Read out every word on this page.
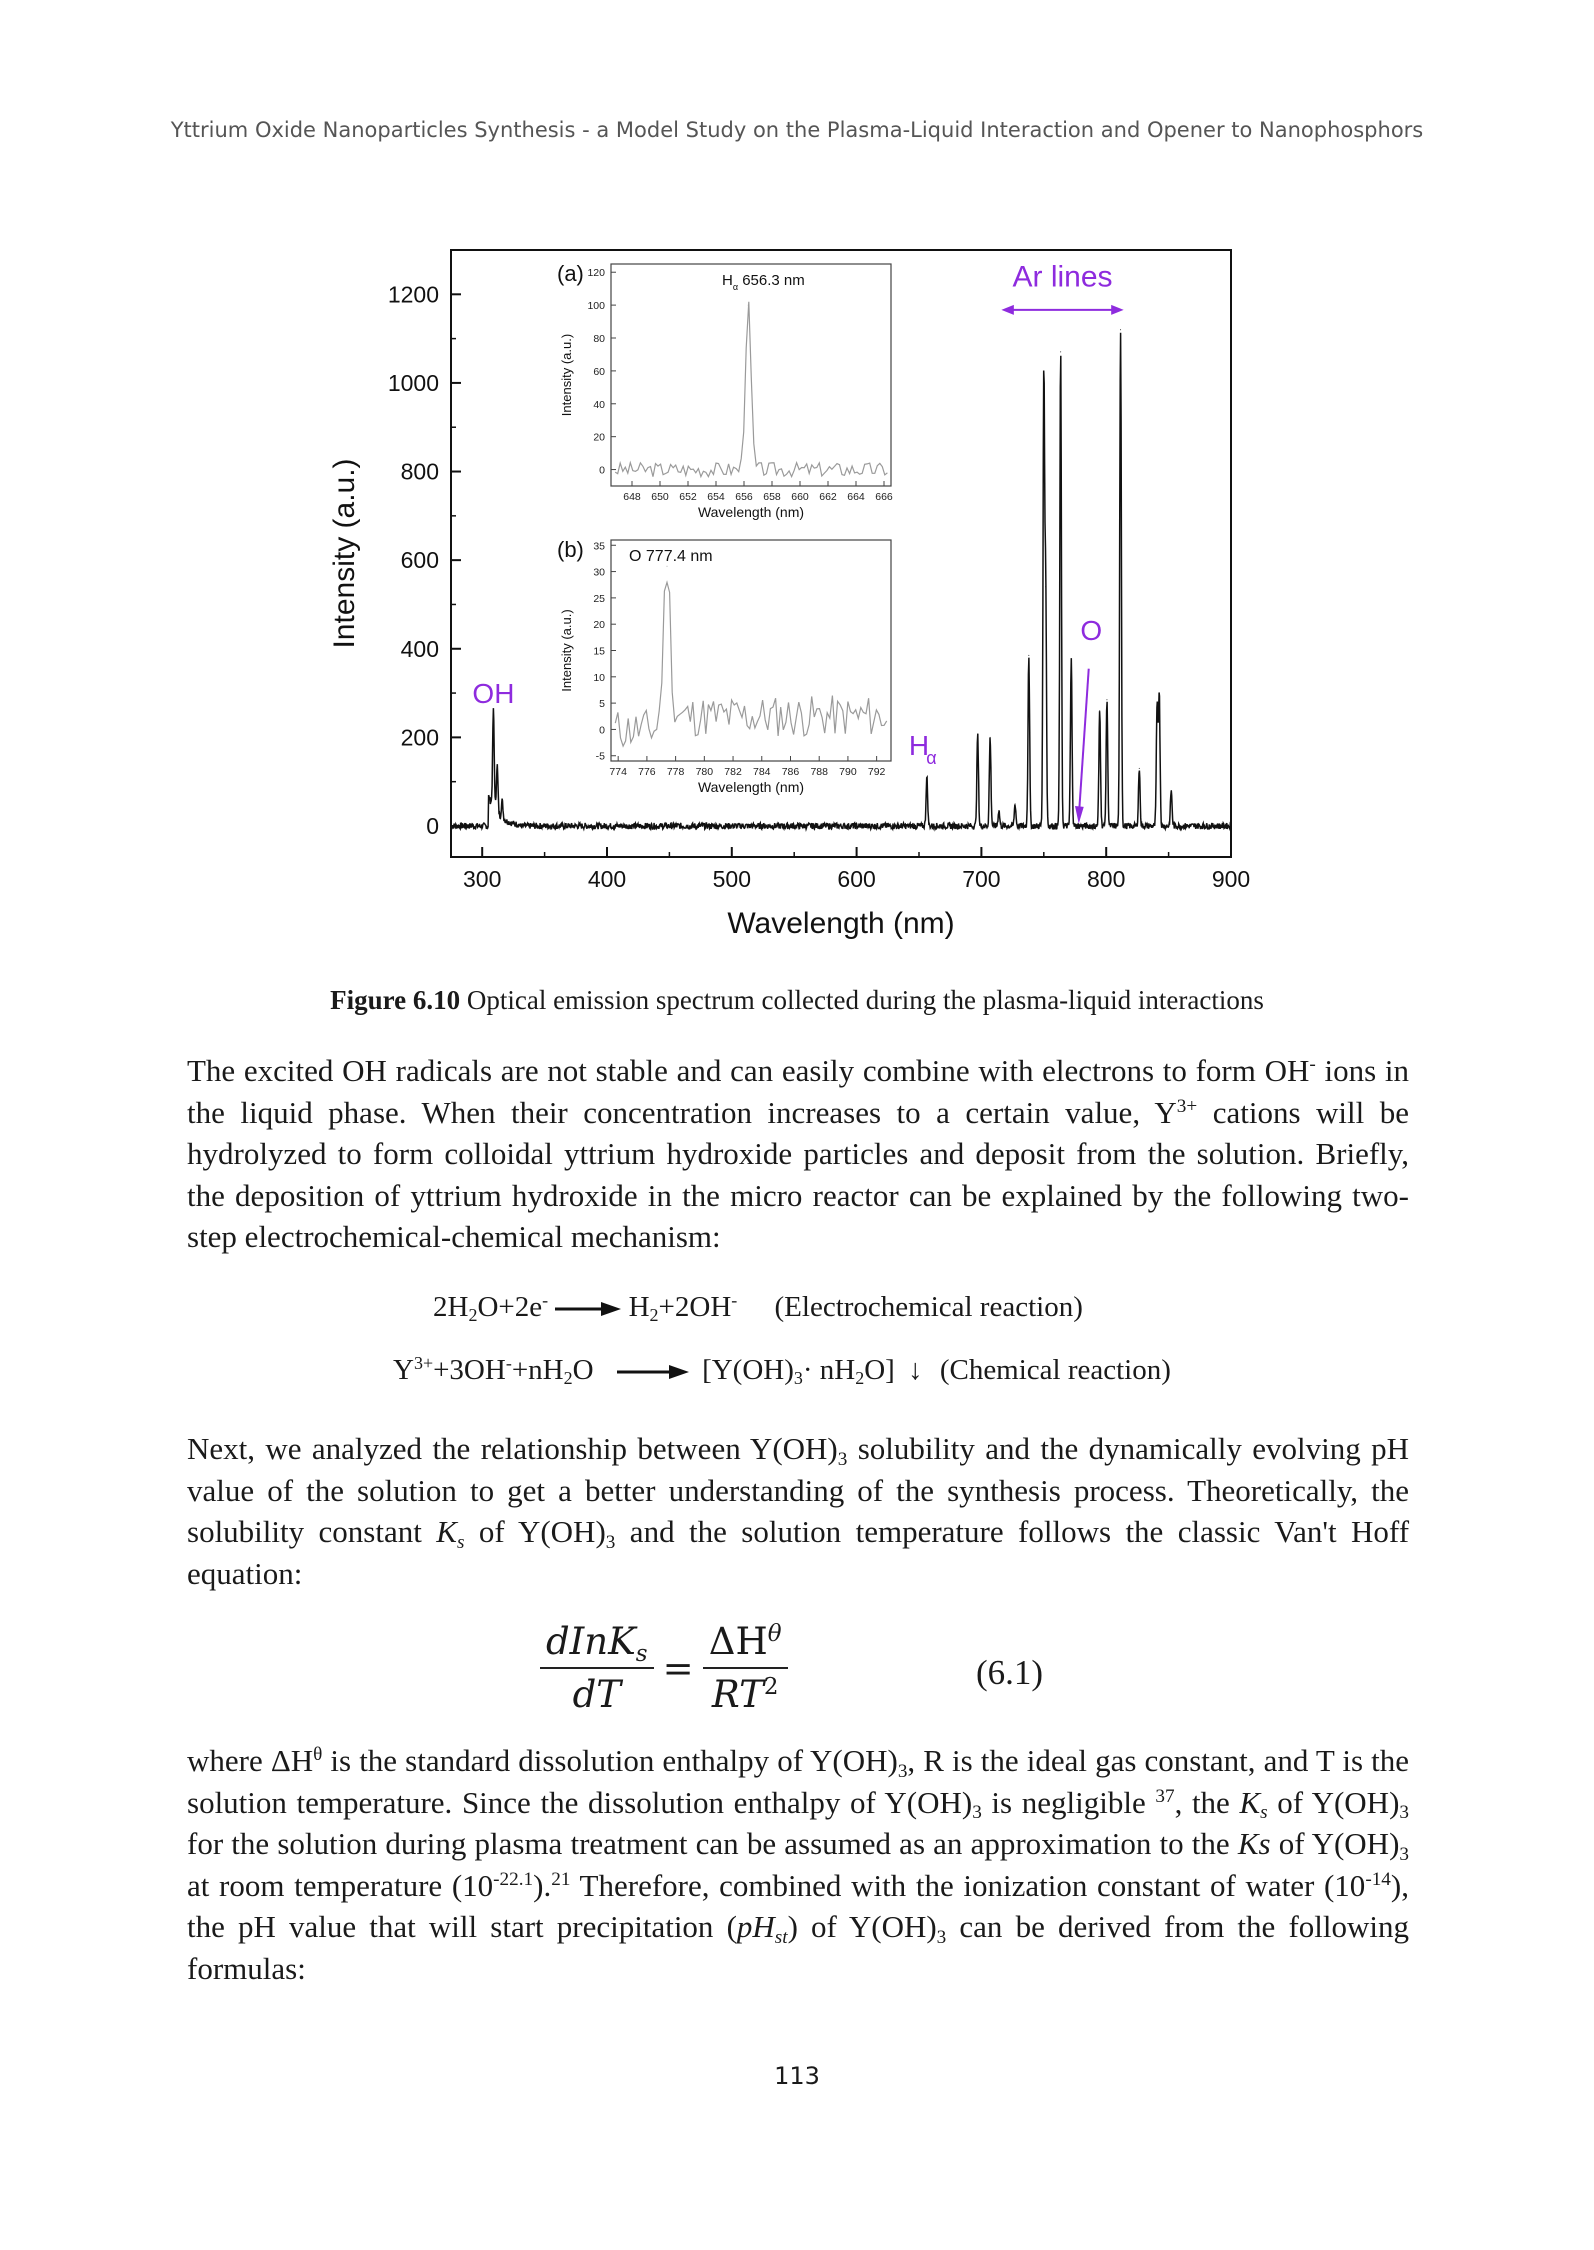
Yttrium Oxide Nanoparticles Synthesis - a Model Study on the Plasma-Liquid Interaction and Opener to Nanophosphors
300	400	500	600	700	800	900
0
200
400
600
800
1000
1200
Wavelength (nm)
Intensity (a.u.)
OH
H
α
O
Ar lines
648 650 652 654 656 658 660 662 664 666
0
20
40
60
80
100
120
Wavelength (nm)
Intensity (a.u.)
(a)	$H_\alpha$ 656.3 nm
774 776 778 780 782 784 786 788 790 792
-5
0
5
10
15
20
25
30
35
Wavelength (nm)
Intensity (a.u.)
(b)	O 777.4 nm
Figure 6.10 Optical emission spectrum collected during the plasma-liquid interactions

The excited OH radicals are not stable and can easily combine with electrons to form OH- ions in the liquid phase. When their concentration increases to a certain value, $Y^{3+}$ cations will be hydrolyzed to form colloidal yttrium hydroxide particles and deposit from the solution. Briefly, the deposition of yttrium hydroxide in the micro reactor can be explained by the following two-step electrochemical-chemical mechanism:

$2H_2O+2e^- \to H_2+2OH^-$ (Electrochemical reaction)
$Y^{3+}+3OH^-+nH_2O \to [Y(OH)_3\cdot nH_2O]$ ↓ (Chemical reaction)

Next, we analyzed the relationship between $Y(OH)_3$ solubility and the dynamically evolving pH value of the solution to get a better understanding of the synthesis process. Theoretically, the solubility constant $K_s$ of $Y(OH)_3$ and the solution temperature follows the classic Van't Hoff equation:

$\frac{dInK_s}{dT} = \frac{\Delta H^\theta}{RT^2}$	(6.1)

where $\Delta H^\theta$ is the standard dissolution enthalpy of $Y(OH)_3$, R is the ideal gas constant, and T is the solution temperature. Since the dissolution enthalpy of $Y(OH)_3$ is negligible $^{37}$, the $K_s$ of $Y(OH)_3$ for the solution during plasma treatment can be assumed as an approximation to the Ks of $Y(OH)_3$ at room temperature $(10^{-22.1}).^{21}$ Therefore, combined with the ionization constant of water $(10^{-14})$, the pH value that will start precipitation $(pH_{st})$ of $Y(OH)_3$ can be derived from the following formulas:

113
